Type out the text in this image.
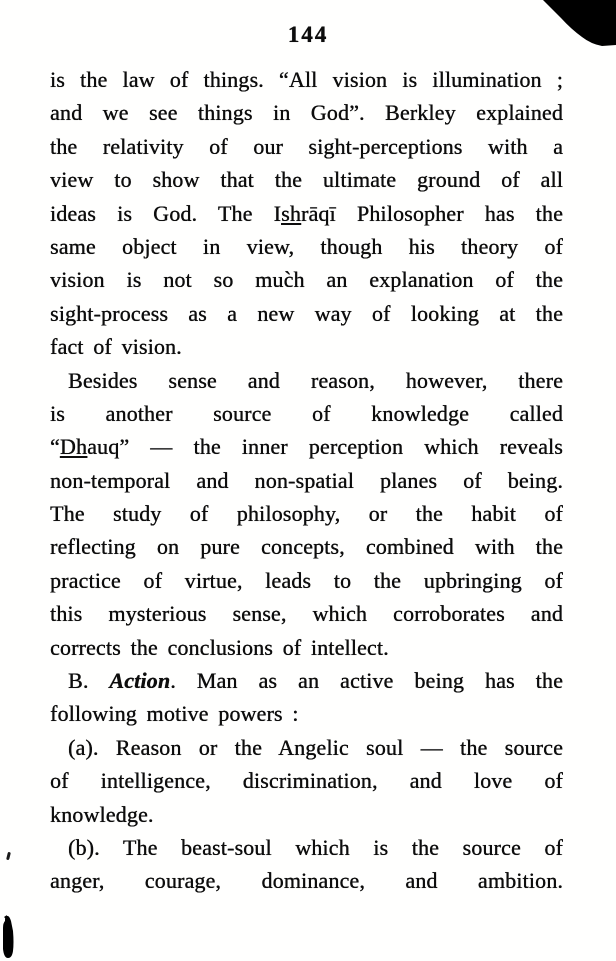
144
is the law of things. “All vision is illumination ;
and we see things in God”. Berkley explained
the relativity of our sight-perceptions with a
view to show that the ultimate ground of all
ideas is God. The Ishrāqī Philosopher has the
same object in view, though his theory of
vision is not so muc̀h an explanation of the
sight-process as a new way of looking at the
fact of vision.
Besides sense and reason, however, there
is another source of knowledge called
“Dhauq” — the inner perception which reveals
non-temporal and non-spatial planes of being.
The study of philosophy, or the habit of
reflecting on pure concepts, combined with the
practice of virtue, leads to the upbringing of
this mysterious sense, which corroborates and
corrects the conclusions of intellect.
B. Action. Man as an active being has the
following motive powers :
(a). Reason or the Angelic soul — the source
of intelligence, discrimination, and love of
knowledge.
(b). The beast-soul which is the source of
anger, courage, dominance, and ambition.
